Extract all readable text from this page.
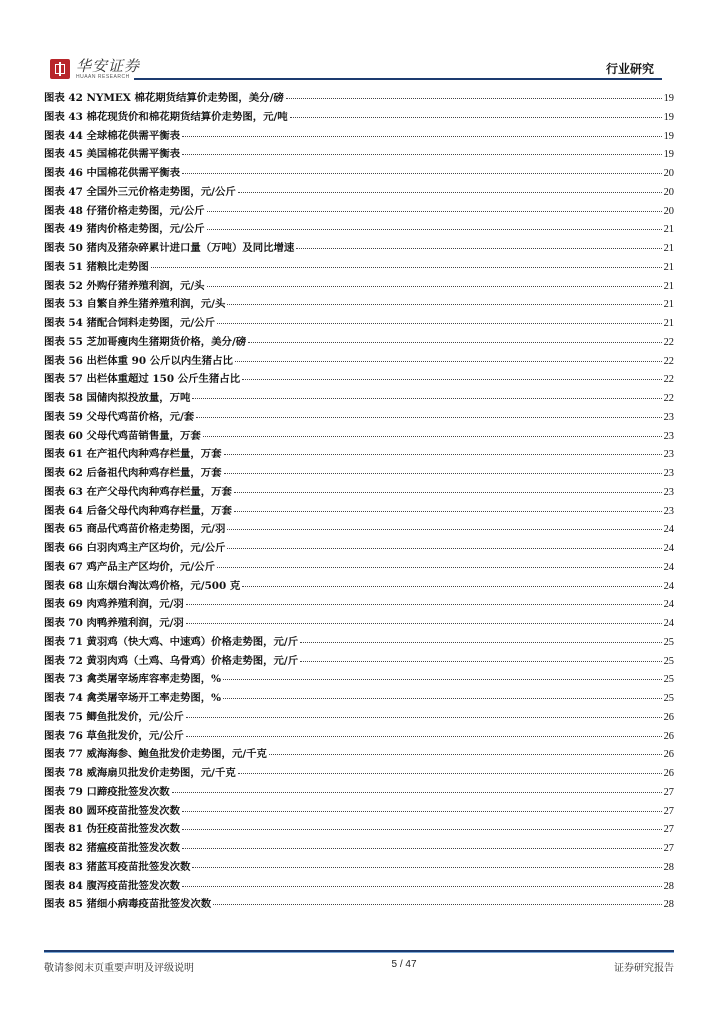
华安证券
HUAAN RESEARCH
行业研究
图表 42 NYMEX 棉花期货结算价走势图，美分/磅	19
图表 43 棉花现货价和棉花期货结算价走势图，元/吨	19
图表 44 全球棉花供需平衡表	19
图表 45 美国棉花供需平衡表	19
图表 46 中国棉花供需平衡表	20
图表 47 全国外三元价格走势图，元/公斤	20
图表 48 仔猪价格走势图，元/公斤	20
图表 49 猪肉价格走势图，元/公斤	21
图表 50 猪肉及猪杂碎累计进口量（万吨）及同比增速	21
图表 51 猪粮比走势图	21
图表 52 外购仔猪养殖利润，元/头	21
图表 53 自繁自养生猪养殖利润，元/头	21
图表 54 猪配合饲料走势图，元/公斤	21
图表 55 芝加哥瘦肉生猪期货价格，美分/磅	22
图表 56 出栏体重 90 公斤以内生猪占比	22
图表 57 出栏体重超过 150 公斤生猪占比	22
图表 58 国储肉拟投放量，万吨	22
图表 59 父母代鸡苗价格，元/套	23
图表 60 父母代鸡苗销售量，万套	23
图表 61 在产祖代肉种鸡存栏量，万套	23
图表 62 后备祖代肉种鸡存栏量，万套	23
图表 63 在产父母代肉种鸡存栏量，万套	23
图表 64 后备父母代肉种鸡存栏量，万套	23
图表 65 商品代鸡苗价格走势图，元/羽	24
图表 66 白羽肉鸡主产区均价，元/公斤	24
图表 67 鸡产品主产区均价，元/公斤	24
图表 68 山东烟台淘汰鸡价格，元/500 克	24
图表 69 肉鸡养殖利润，元/羽	24
图表 70 肉鸭养殖利润，元/羽	24
图表 71 黄羽鸡（快大鸡、中速鸡）价格走势图，元/斤	25
图表 72 黄羽肉鸡（土鸡、乌骨鸡）价格走势图，元/斤	25
图表 73 禽类屠宰场库容率走势图，%	25
图表 74 禽类屠宰场开工率走势图，%	25
图表 75 鲫鱼批发价，元/公斤	26
图表 76 草鱼批发价，元/公斤	26
图表 77 威海海参、鲍鱼批发价走势图，元/千克	26
图表 78 威海扇贝批发价走势图，元/千克	26
图表 79 口蹄疫批签发次数	27
图表 80 圆环疫苗批签发次数	27
图表 81 伪狂疫苗批签发次数	27
图表 82 猪瘟疫苗批签发次数	27
图表 83 猪蓝耳疫苗批签发次数	28
图表 84 腹泻疫苗批签发次数	28
图表 85 猪细小病毒疫苗批签发次数	28
敬请参阅末页重要声明及评级说明	5 / 47	证券研究报告
